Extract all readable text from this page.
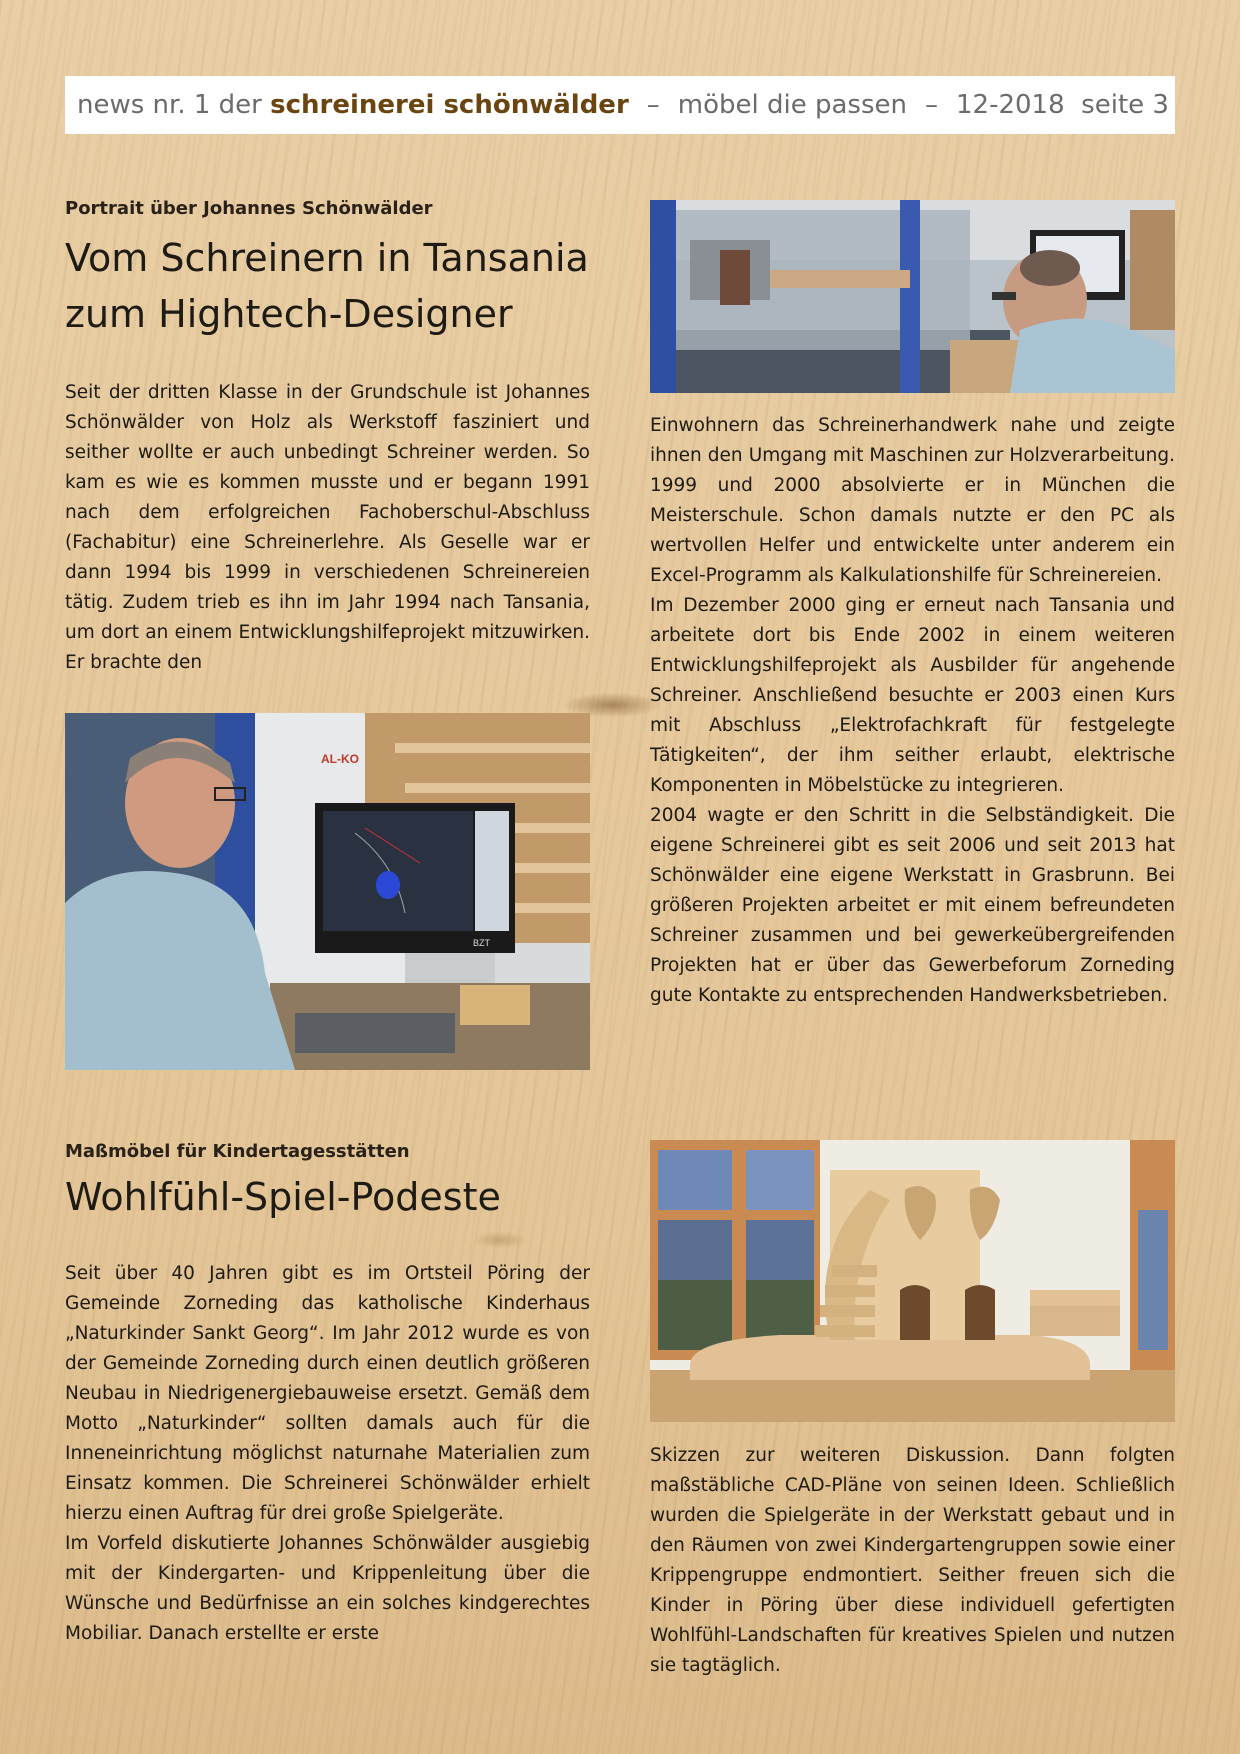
news nr. 1 der
schreinerei schönwälder – möbel die passen – 12-2018
seite 3
Portrait über Johannes Schönwälder
Vom Schreinern in Tansania
zum Hightech-Designer

Seit der dritten Klasse in der Grundschule ist Johannes Schönwälder von Holz als Werkstoff fasziniert und seither wollte er auch unbedingt Schreiner werden. So kam es wie es kommen musste und er begann 1991 nach dem erfolgreichen Fachoberschul-Abschluss (Fachabitur) eine Schreinerlehre. Als Geselle war er dann 1994 bis 1999 in verschiedenen Schreinereien tätig. Zudem trieb es ihn im Jahr 1994 nach Tansania, um dort an einem Entwicklungshilfeprojekt mitzuwirken. Er brachte den

Einwohnern das Schreinerhandwerk nahe und zeigte ihnen den Umgang mit Maschinen zur Holzverarbeitung. 1999 und 2000 absolvierte er in München die Meisterschule. Schon damals nutzte er den PC als wertvollen Helfer und entwickelte unter anderem ein Excel-Programm als Kalkulationshilfe für Schreinereien.

Im Dezember 2000 ging er erneut nach Tansania und arbeitete dort bis Ende 2002 in einem weiteren Entwicklungshilfeprojekt als Ausbilder für angehende Schreiner. Anschließend besuchte er 2003 einen Kurs mit Abschluss „Elektrofachkraft für festgelegte Tätigkeiten“, der ihm seither erlaubt, elektrische Komponenten in Möbelstücke zu integrieren.

2004 wagte er den Schritt in die Selbständigkeit. Die eigene Schreinerei gibt es seit 2006 und seit 2013 hat Schönwälder eine eigene Werkstatt in Grasbrunn. Bei größeren Projekten arbeitet er mit einem befreundeten Schreiner zusammen und bei gewerkeübergreifenden Projekten hat er über das Gewerbeforum Zorneding gute Kontakte zu entsprechenden Handwerksbetrieben.

AL-KO
BZT
Maßmöbel für Kindertagesstätten
Wohlfühl-Spiel-Podeste

Seit über 40 Jahren gibt es im Ortsteil Pöring der Gemeinde Zorneding das katholische Kinderhaus „Naturkinder Sankt Georg“. Im Jahr 2012 wurde es von der Gemeinde Zorneding durch einen deutlich größeren Neubau in Niedrigenergiebauweise ersetzt. Gemäß dem Motto „Naturkinder“ sollten damals auch für die Inneneinrichtung möglichst naturnahe Materialien zum Einsatz kommen. Die Schreinerei Schönwälder erhielt hierzu einen Auftrag für drei große Spielgeräte.

Im Vorfeld diskutierte Johannes Schönwälder ausgiebig mit der Kindergarten- und Krippenleitung über die Wünsche und Bedürfnisse an ein solches kindgerechtes Mobiliar. Danach erstellte er erste

Skizzen zur weiteren Diskussion. Dann folgten maßstäbliche CAD-Pläne von seinen Ideen. Schließlich wurden die Spielgeräte in der Werkstatt gebaut und in den Räumen von zwei Kindergartengruppen sowie einer Krippengruppe endmontiert. Seither freuen sich die Kinder in Pöring über diese individuell gefertigten Wohlfühl-Landschaften für kreatives Spielen und nutzen sie tagtäglich.
